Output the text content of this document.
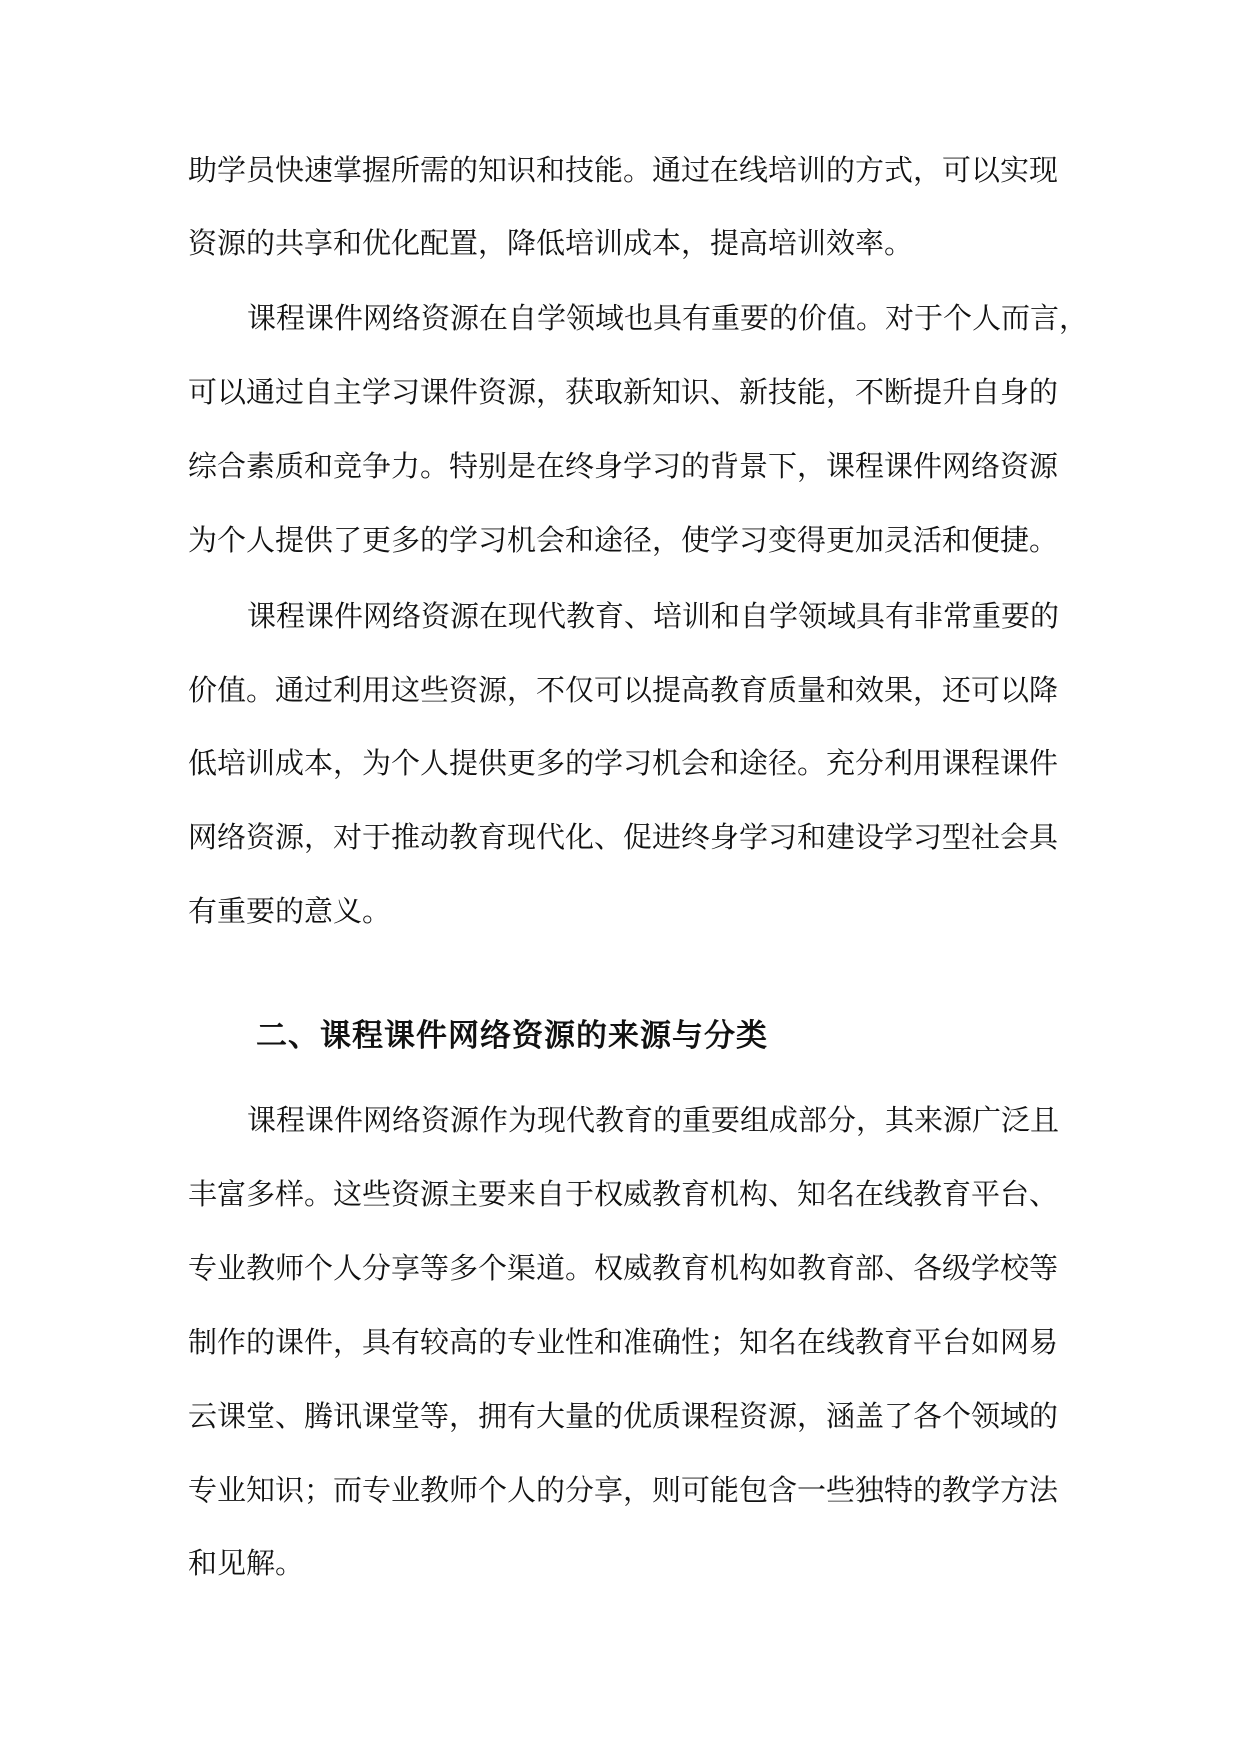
助学员快速掌握所需的知识和技能。通过在线培训的方式，可以实现
资源的共享和优化配置，降低培训成本，提高培训效率。
课程课件网络资源在自学领域也具有重要的价值。对于个人而言，
可以通过自主学习课件资源，获取新知识、新技能，不断提升自身的
综合素质和竞争力。特别是在终身学习的背景下，课程课件网络资源
为个人提供了更多的学习机会和途径，使学习变得更加灵活和便捷。
课程课件网络资源在现代教育、培训和自学领域具有非常重要的
价值。通过利用这些资源，不仅可以提高教育质量和效果，还可以降
低培训成本，为个人提供更多的学习机会和途径。充分利用课程课件
网络资源，对于推动教育现代化、促进终身学习和建设学习型社会具
有重要的意义。
二、课程课件网络资源的来源与分类
课程课件网络资源作为现代教育的重要组成部分，其来源广泛且
丰富多样。这些资源主要来自于权威教育机构、知名在线教育平台、
专业教师个人分享等多个渠道。权威教育机构如教育部、各级学校等
制作的课件，具有较高的专业性和准确性；知名在线教育平台如网易
云课堂、腾讯课堂等，拥有大量的优质课程资源，涵盖了各个领域的
专业知识；而专业教师个人的分享，则可能包含一些独特的教学方法
和见解。
